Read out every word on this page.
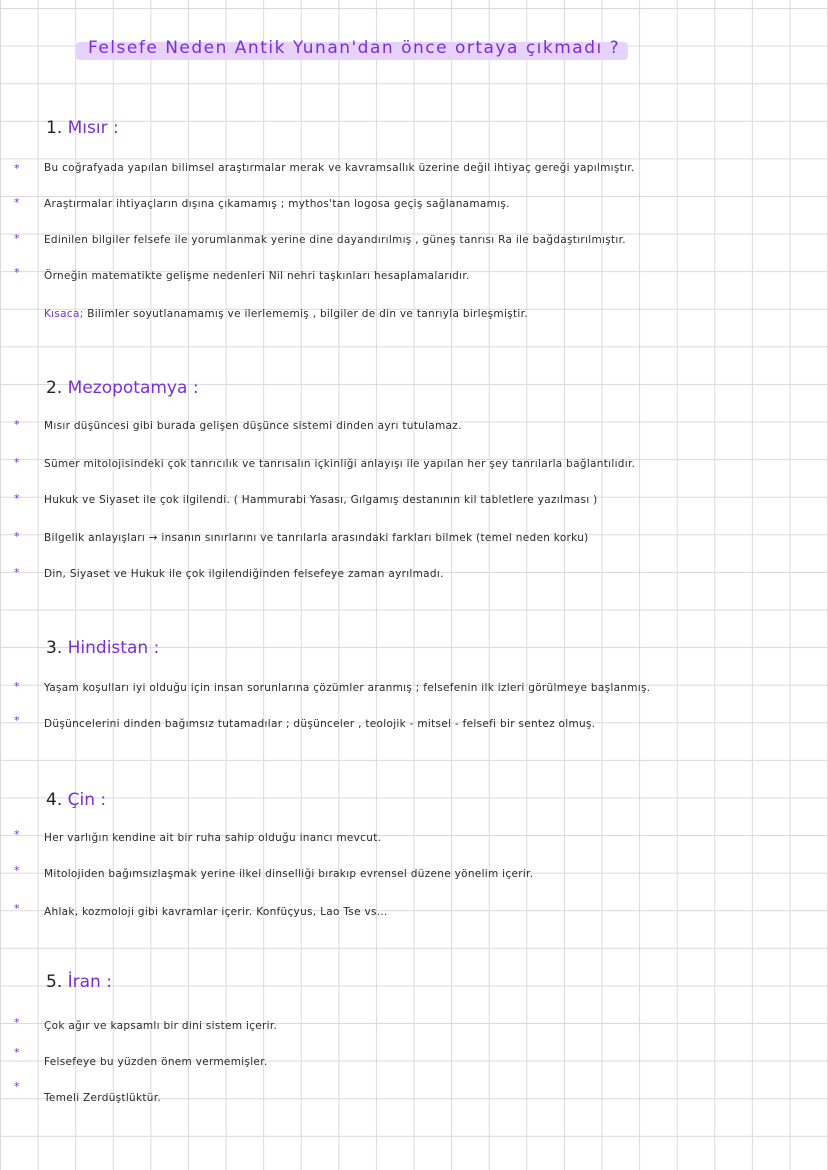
Felsefe Neden Antik Yunan'dan önce ortaya çıkmadı ?
1. Mısır :
* Bu coğrafyada yapılan bilimsel araştırmalar merak ve kavramsallık üzerine değil ihtiyaç gereği yapılmıştır.
* Araştırmalar ihtiyaçların dışına çıkamamış ; mythos'tan logosa geçiş sağlanamamış.
* Edinilen bilgiler felsefe ile yorumlanmak yerine dine dayandırılmış , güneş tanrısı Ra ile bağdaştırılmıştır.
* Örneğin matematikte gelişme nedenleri Nil nehri taşkınları hesaplamalarıdır.
Kısaca; Bilimler soyutlanamamış ve ilerlememiş , bilgiler de din ve tanrıyla birleşmiştir.
2. Mezopotamya :
* Mısır düşüncesi gibi burada gelişen düşünce sistemi dinden ayrı tutulamaz.
* Sümer mitolojisindeki çok tanrıcılık ve tanrısalın içkinliği anlayışı ile yapılan her şey tanrılarla bağlantılıdır.
* Hukuk ve Siyaset ile çok ilgilendi. ( Hammurabi Yasası, Gılgamış destanının kil tabletlere yazılması )
* Bilgelik anlayışları → insanın sınırlarını ve tanrılarla arasındaki farkları bilmek (temel neden korku)
* Din, Siyaset ve Hukuk ile çok ilgilendiğinden felsefeye zaman ayrılmadı.
3. Hindistan :
* Yaşam koşulları iyi olduğu için insan sorunlarına çözümler aranmış ; felsefenin ilk izleri görülmeye başlanmış.
* Düşüncelerini dinden bağımsız tutamadılar ; düşünceler , teolojik - mitsel - felsefi bir sentez olmuş.
4. Çin :
* Her varlığın kendine ait bir ruha sahip olduğu inancı mevcut.
* Mitolojiden bağımsızlaşmak yerine ilkel dinselliği bırakıp evrensel düzene yönelim içerir.
* Ahlak, kozmoloji gibi kavramlar içerir. Konfüçyus, Lao Tse vs...
5. İran :
* Çok ağır ve kapsamlı bir dini sistem içerir.
*
Felsefeye bu yüzden önem vermemişler.
*
Temeli Zerdüştlüktür.
